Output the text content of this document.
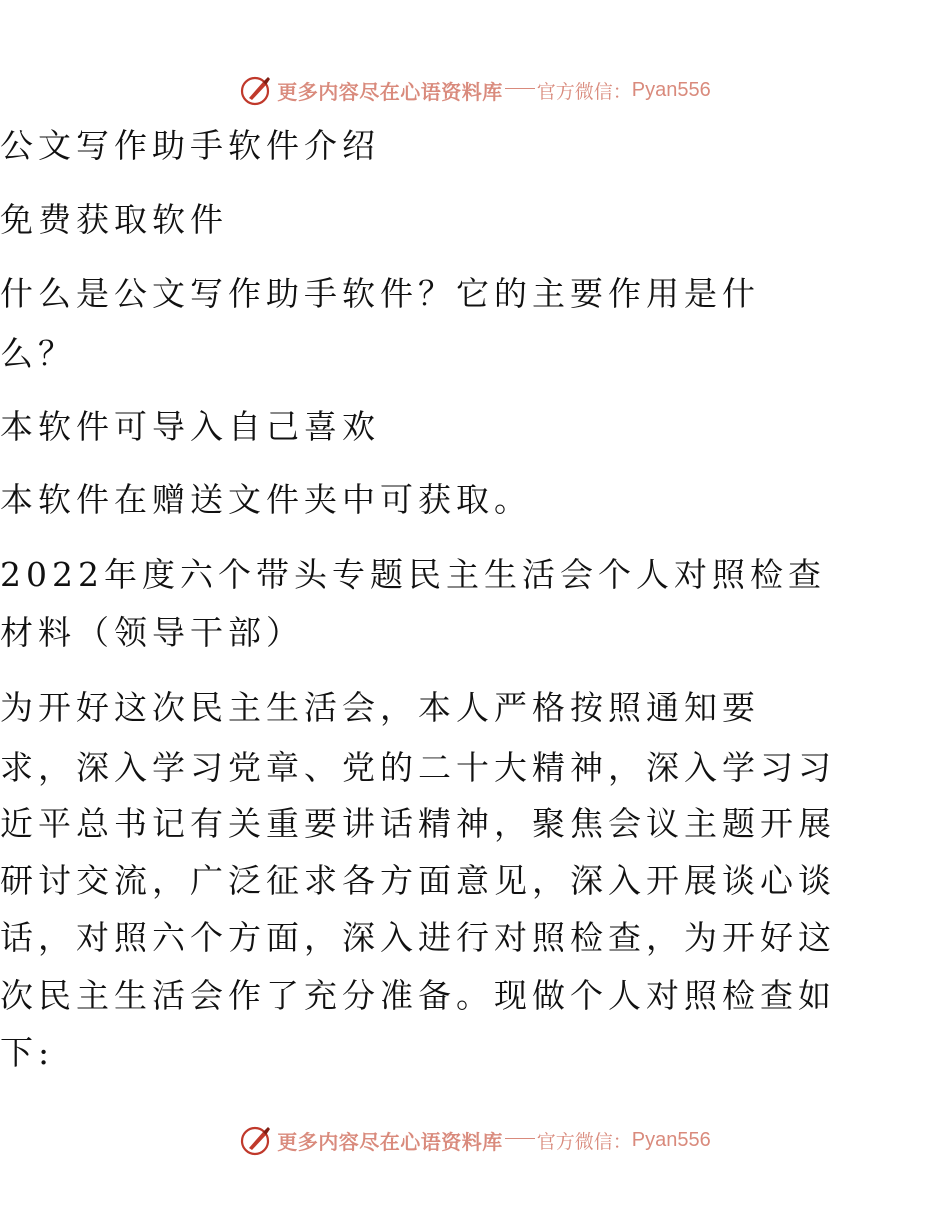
更多内容尽在心语资料库 官方微信： Pyan556
公文写作助手软件介绍
免费获取软件
什么是公文写作助手软件？它的主要作用是什
么？
本软件可导入自己喜欢
本软件在赠送文件夹中可获取。
2022年度六个带头专题民主生活会个人对照检查
材料（领导干部）
为开好这次民主生活会，本人严格按照通知要
求，深入学习党章、党的二十大精神，深入学习习
近平总书记有关重要讲话精神，聚焦会议主题开展
研讨交流，广泛征求各方面意见，深入开展谈心谈
话，对照六个方面，深入进行对照检查，为开好这
次民主生活会作了充分准备。现做个人对照检查如
下:
更多内容尽在心语资料库 官方微信： Pyan556
